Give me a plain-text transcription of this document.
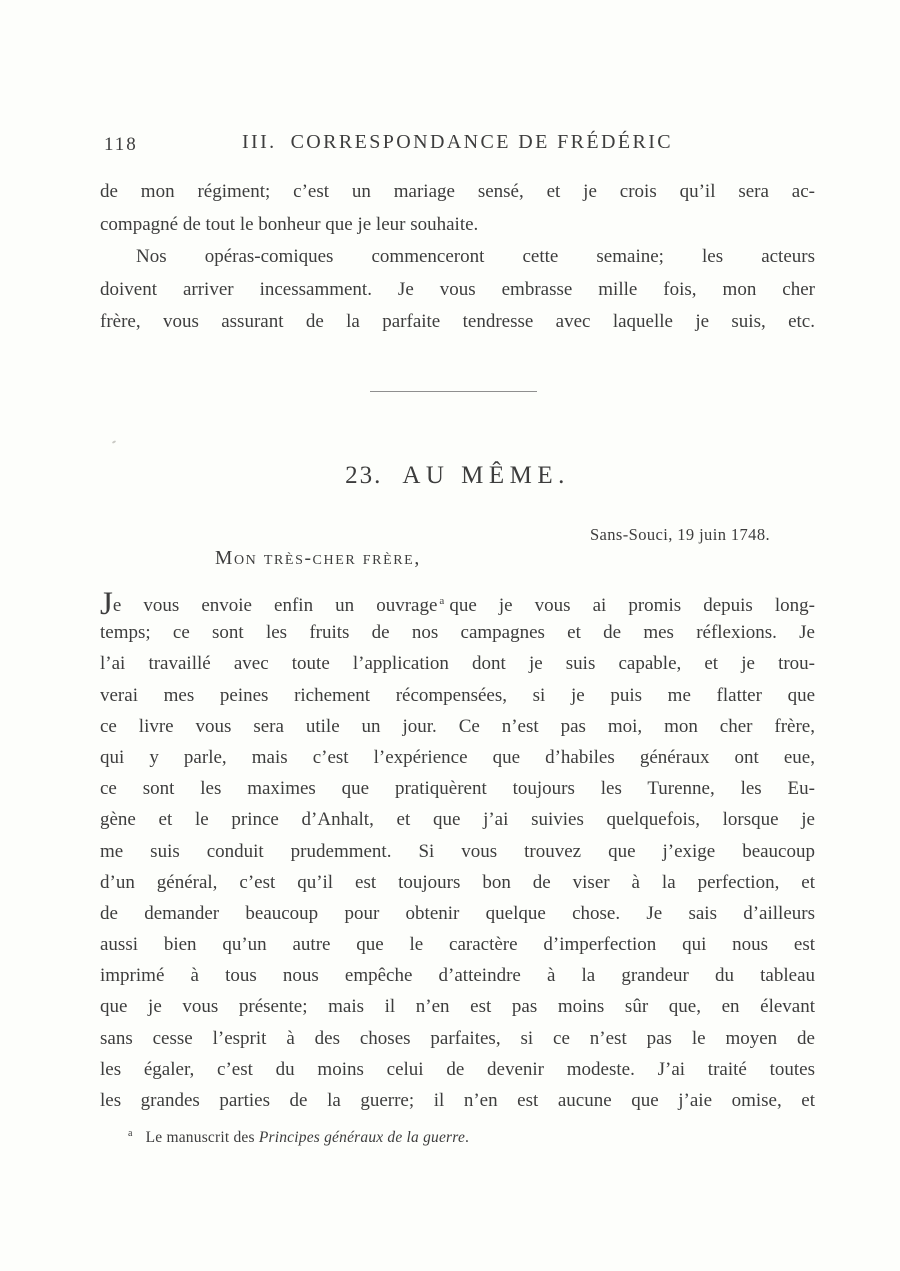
118	III. CORRESPONDANCE DE FRÉDÉRIC
de mon régiment; c’est un mariage sensé, et je crois qu’il sera ac-
compagné de tout le bonheur que je leur souhaite.
Nos opéras-comiques commenceront cette semaine; les acteurs
doivent arriver incessamment. Je vous embrasse mille fois, mon cher
frère, vous assurant de la parfaite tendresse avec laquelle je suis, etc.
23. AU MÊME.
Sans-Souci, 19 juin 1748.
Mon très-cher frère,
Je vous envoie enfin un ouvrage $^a$ que je vous ai promis depuis long-
temps; ce sont les fruits de nos campagnes et de mes réflexions. Je
l’ai travaillé avec toute l’application dont je suis capable, et je trou-
verai mes peines richement récompensées, si je puis me flatter que
ce livre vous sera utile un jour. Ce n’est pas moi, mon cher frère,
qui y parle, mais c’est l’expérience que d’habiles généraux ont eue,
ce sont les maximes que pratiquèrent toujours les Turenne, les Eu-
gène et le prince d’Anhalt, et que j’ai suivies quelquefois, lorsque je
me suis conduit prudemment. Si vous trouvez que j’exige beaucoup
d’un général, c’est qu’il est toujours bon de viser à la perfection, et
de demander beaucoup pour obtenir quelque chose. Je sais d’ailleurs
aussi bien qu’un autre que le caractère d’imperfection qui nous est
imprimé à tous nous empêche d’atteindre à la grandeur du tableau
que je vous présente; mais il n’en est pas moins sûr que, en élevant
sans cesse l’esprit à des choses parfaites, si ce n’est pas le moyen de
les égaler, c’est du moins celui de devenir modeste. J’ai traité toutes
les grandes parties de la guerre; il n’en est aucune que j’aie omise, et
$^a$ Le manuscrit des Principes généraux de la guerre.
